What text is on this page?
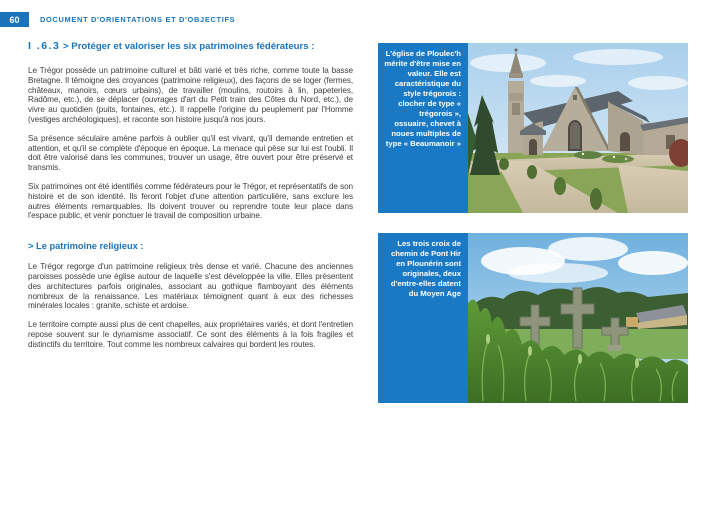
60	DOCUMENT D'ORIENTATIONS ET D'OBJECTIFS
I .6.3 > Protéger et valoriser les six patrimoines fédérateurs :

Le Trégor possède un patrimoine culturel et bâti varié et très riche, comme toute la basse Bretagne. Il témoigne des croyances (patrimoine religieux), des façons de se loger (fermes, châteaux, manoirs, cœurs urbains), de travailler (moulins, routoirs à lin, papeteries, Radôme, etc.), de se déplacer (ouvrages d'art du Petit train des Côtes du Nord, etc.), de vivre au quotidien (puits, fontaines, etc.). Il rappelle l'origine du peuplement par l'Homme (vestiges archéologiques), et raconte son histoire jusqu'à nos jours.

Sa présence séculaire amène parfois à oublier qu'il est vivant, qu'il demande entretien et attention, et qu'il se complète d'époque en époque. La menace qui pèse sur lui est l'oubli. Il doit être valorisé dans les communes, trouver un usage, être ouvert pour être préservé et transmis.

Six patrimoines ont été identifiés comme fédérateurs pour le Trégor, et représentatifs de son histoire et de son identité. Ils feront l'objet d'une attention particulière, sans exclure les autres éléments remarquables. Ils doivent trouver ou reprendre toute leur place dans l'espace public, et venir ponctuer le travail de composition urbaine.

> Le patrimoine religieux :

Le Trégor regorge d'un patrimoine religieux très dense et varié. Chacune des anciennes paroisses possède une église autour de laquelle s'est développée la ville. Elles présentent des architectures parfois originales, associant au gothique flamboyant des éléments nombreux de la renaissance. Les matériaux témoignent quant à eux des richesses minérales locales : granite, schiste et ardoise.

Le territoire compte aussi plus de cent chapelles, aux propriétaires variés, et dont l'entretien repose souvent sur le dynamisme associatif. Ce sont des éléments à la fois fragiles et distinctifs du territoire. Tout comme les nombreux calvaires qui bordent les routes.

L'église de Ploulec'h mérite d'être mise en valeur. Elle est caractéristique du style trégorois : clocher de type « trégorois », ossuaire, chevet à noues multiples de type « Beaumanoir »
Les trois croix de chemin de Pont Hir en Plounérin sont originales, deux d'entre-elles datent du Moyen Age
